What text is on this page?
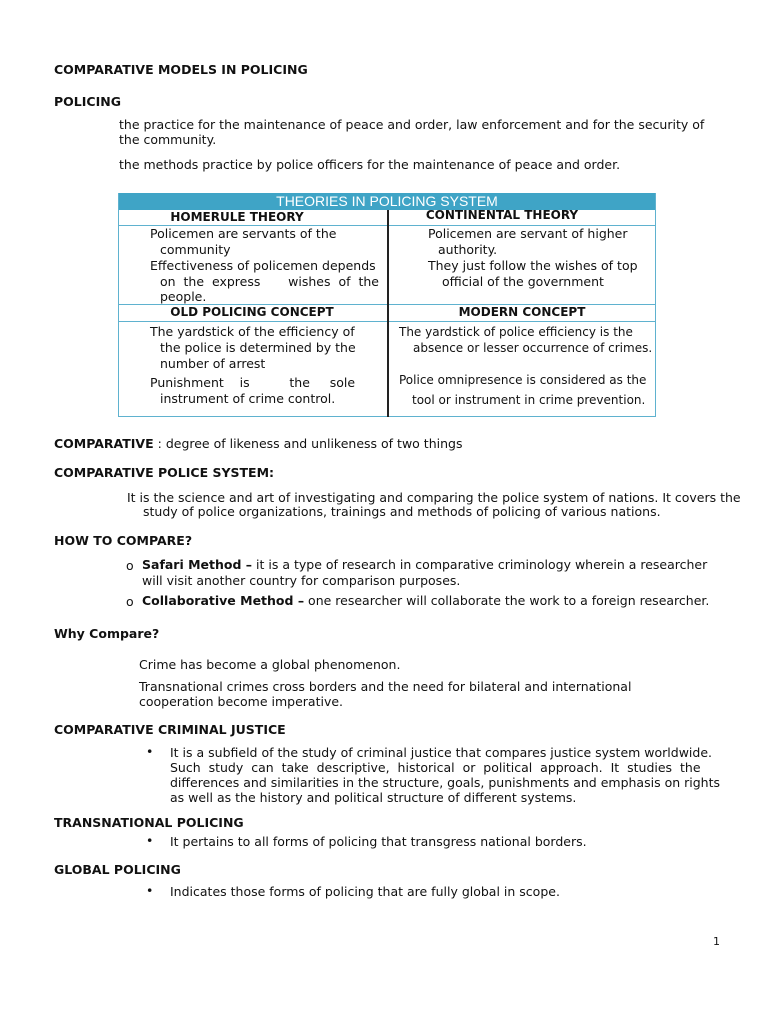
COMPARATIVE MODELS IN POLICING
POLICING
the practice for the maintenance of peace and order, law enforcement and for the security of
the community.
the methods practice by police officers for the maintenance of peace and order.
THEORIES IN POLICING SYSTEM
HOMERULE THEORY	CONTINENTAL THEORY
Policemen are servants of the
community
Effectiveness of policemen depends
on  the  express       wishes  of  the
people.
Policemen are servant of higher
authority.
They just follow the wishes of top
official of the government
OLD POLICING CONCEPT	MODERN CONCEPT
The yardstick of the efficiency of
the police is determined by the
number of arrest
Punishment    is          the     sole
instrument of crime control.
The yardstick of police efficiency is the
absence or lesser occurrence of crimes.
Police omnipresence is considered as the
tool or instrument in crime prevention.
COMPARATIVE : degree of likeness and unlikeness of two things
COMPARATIVE POLICE SYSTEM:
It is the science and art of investigating and comparing the police system of nations. It covers the
study of police organizations, trainings and methods of policing of various nations.
HOW TO COMPARE?
o Safari Method – it is a type of research in comparative criminology wherein a researcher
will visit another country for comparison purposes.
o Collaborative Method – one researcher will collaborate the work to a foreign researcher.
Why Compare?
Crime has become a global phenomenon.
Transnational crimes cross borders and the need for bilateral and international
cooperation become imperative.
COMPARATIVE CRIMINAL JUSTICE
• It is a subfield of the study of criminal justice that compares justice system worldwide.
Such  study  can  take  descriptive,  historical  or  political  approach.  It  studies  the
differences and similarities in the structure, goals, punishments and emphasis on rights
as well as the history and political structure of different systems.
TRANSNATIONAL POLICING
• It pertains to all forms of policing that transgress national borders.
GLOBAL POLICING
• Indicates those forms of policing that are fully global in scope.
1
